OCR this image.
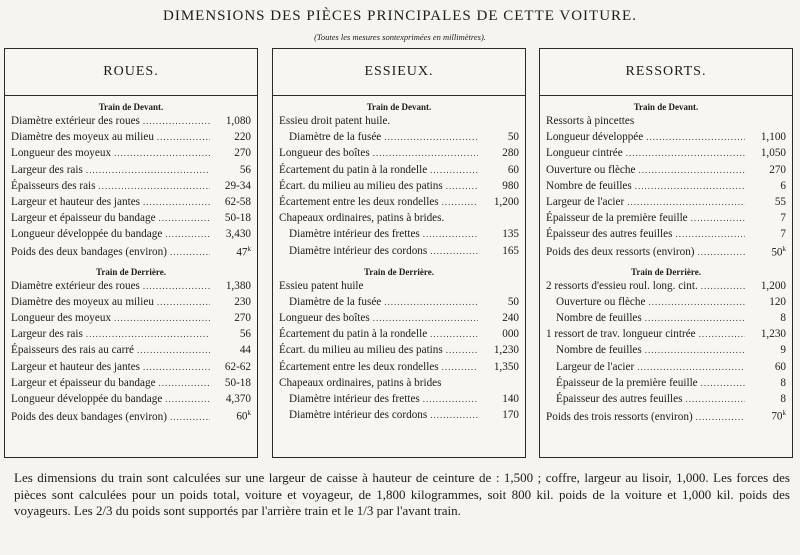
DIMENSIONS DES PIÈCES PRINCIPALES DE CETTE VOITURE.
(Toutes les mesures sontexprimées en millimètres).
ROUES.
Train de Devant.
Diamètre extérieur des roues .....	1,080
Diamètre des moyeux au milieu .....	220
Longueur des moyeux .....	270
Largeur des rais .....	56
Épaisseurs des rais .....	29-34
Largeur et hauteur des jantes .....	62-58
Largeur et épaisseur du bandage .....	50-18
Longueur développée du bandage .....	3,430
Poids des deux bandages (environ) .....	47$^k$
Train de Derrière.
Diamètre extérieur des roues .....	1,380
Diamètre des moyeux au milieu .....	230
Longueur des moyeux .....	270
Largeur des rais .....	56
Épaisseurs des rais au carré .....	44
Largeur et hauteur des jantes .....	62-62
Largeur et épaisseur du bandage .....	50-18
Longueur développée du bandage .....	4,370
Poids des deux bandages (environ) .....	60$^k$
ESSIEUX.
Train de Devant.
Essieu droit patent huile.
Diamètre de la fusée .....	50
Longueur des boîtes .....	280
Écartement du patin à la rondelle .....	60
Écart. du milieu au milieu des patins .....	980
Écartement entre les deux rondelles .....	1,200
Chapeaux ordinaires, patins à brides.
Diamètre intérieur des frettes .....	135
Diamètre intérieur des cordons .....	165
Train de Derrière.
Essieu patent huile
Diamètre de la fusée .....	50
Longueur des boîtes .....	240
Écartement du patin à la rondelle .....	000
Écart. du milieu au milieu des patins .....	1,230
Écartement entre les deux rondelles .....	1,350
Chapeaux ordinaires, patins à brides
Diamètre intérieur des frettes .....	140
Diamètre intérieur des cordons .....	170
RESSORTS.
Train de Devant.
Ressorts à pincettes
Longueur développée .....	1,100
Longueur cintrée .....	1,050
Ouverture ou flèche .....	270
Nombre de feuilles .....	6
Largeur de l'acier .....	55
Épaisseur de la première feuille .....	7
Épaisseur des autres feuilles .....	7
Poids des deux ressorts (environ) .....	50$^k$
Train de Derrière.
2 ressorts d'essieu roul. long. cint. .....	1,200
Ouverture ou flèche .....	120
Nombre de feuilles .....	8
1 ressort de trav. longueur cintrée .....	1,230
Nombre de feuilles .....	9
Largeur de l'acier .....	60
Épaisseur de la première feuille .....	8
Épaisseur des autres feuilles .....	8
Poids des trois ressorts (environ) .....	70$^k$
Les dimensions du train sont calculées sur une largeur de caisse à hauteur de ceinture de : 1,500 ; coffre, largeur au lisoir, 1,000. Les forces des pièces sont calculées pour un poids total, voiture et voyageur, de 1,800 kilogrammes, soit 800 kil. poids de la voiture et 1,000 kil. poids des voyageurs. Les 2/3 du poids sont supportés par l'arrière train et le 1/3 par l'avant train.
